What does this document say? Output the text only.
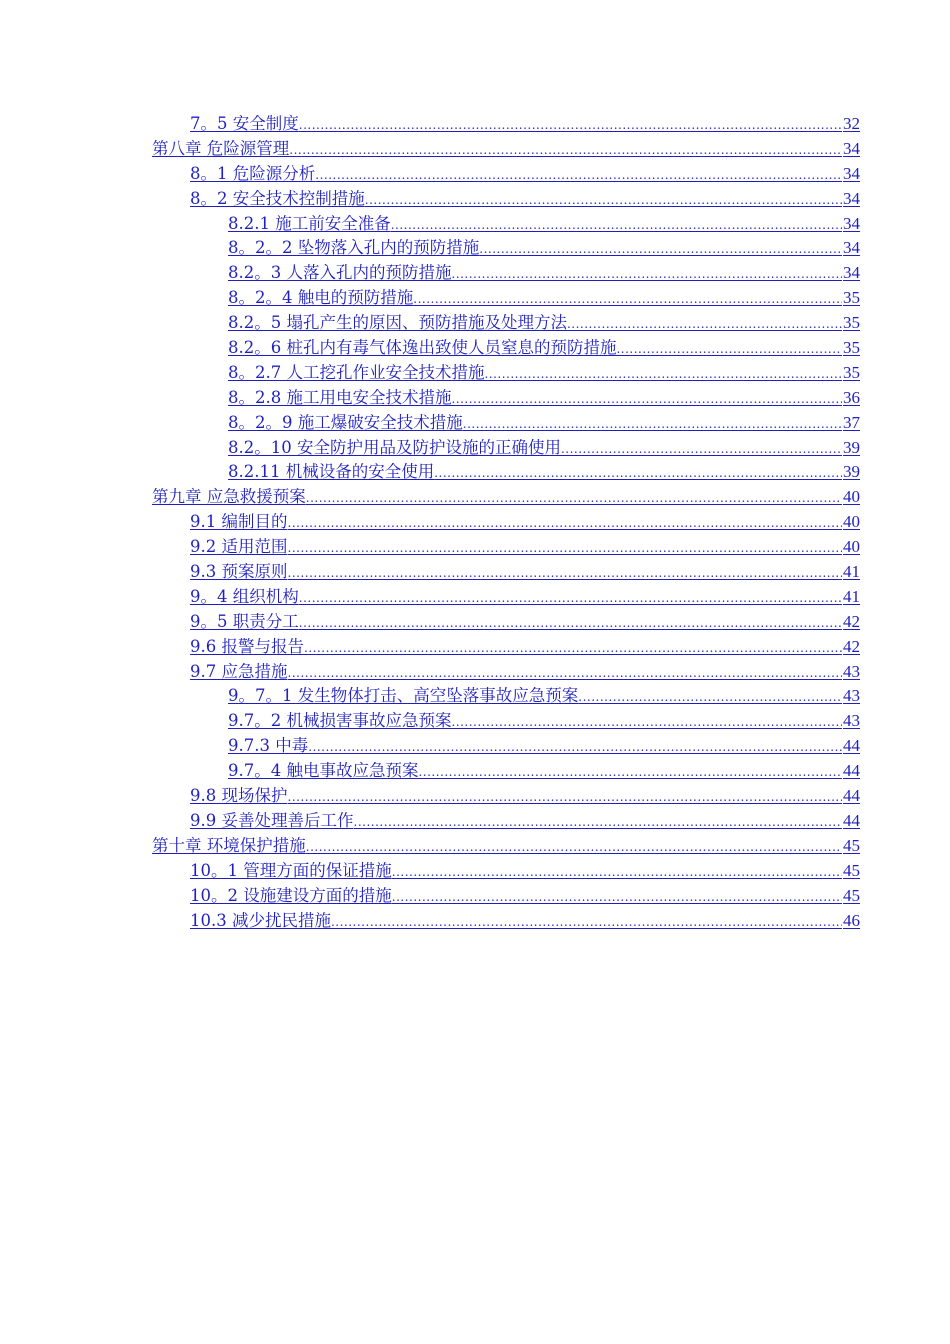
7。5 安全制度 .....	32
第八章 危险源管理 .....	34
8。1 危险源分析 .....	34
8。2 安全技术控制措施 .....	34
8.2.1 施工前安全准备 .....	34
8。2。2 坠物落入孔内的预防措施 .....	34
8.2。3 人落入孔内的预防措施 .....	34
8。2。4 触电的预防措施 .....	35
8.2。5 塌孔产生的原因、预防措施及处理方法 .....	35
8.2。6 桩孔内有毒气体逸出致使人员窒息的预防措施 .....	35
8。2.7 人工挖孔作业安全技术措施 .....	35
8。2.8 施工用电安全技术措施 .....	36
8。2。9 施工爆破安全技术措施 .....	37
8.2。10 安全防护用品及防护设施的正确使用 .....	39
8.2.11 机械设备的安全使用 .....	39
第九章 应急救援预案 .....	40
9.1 编制目的 .....	40
9.2 适用范围 .....	40
9.3 预案原则 .....	41
9。4 组织机构 .....	41
9。5 职责分工 .....	42
9.6 报警与报告 .....	42
9.7 应急措施 .....	43
9。7。1 发生物体打击、高空坠落事故应急预案 .....	43
9.7。2 机械损害事故应急预案 .....	43
9.7.3 中毒 .....	44
9.7。4 触电事故应急预案 .....	44
9.8 现场保护 .....	44
9.9 妥善处理善后工作 .....	44
第十章 环境保护措施 .....	45
10。1 管理方面的保证措施 .....	45
10。2 设施建设方面的措施 .....	45
10.3 减少扰民措施 .....	46
